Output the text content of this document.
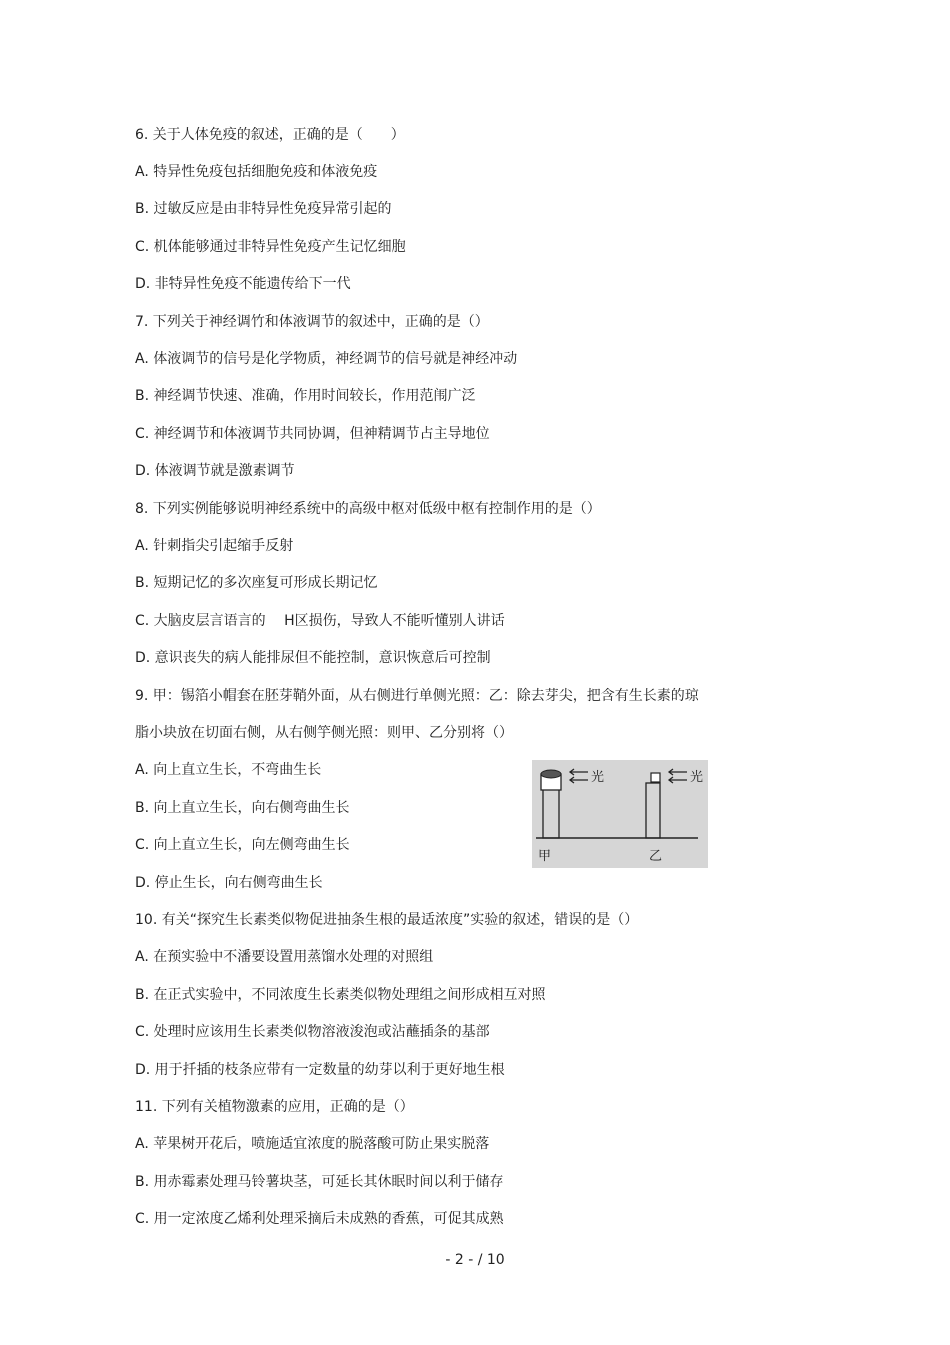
6. 关于人体免疫的叙述，正确的是（　　）
A. 特异性免疫包括细胞免疫和体液免疫
B. 过敏反应是由非特异性免疫异常引起的
C. 机体能够通过非特异性免疫产生记忆细胞
D. 非特异性免疫不能遗传给下一代
7. 下列关于神经调竹和体液调节的叙述中，正确的是（）
A. 体液调节的信号是化学物质，神经调节的信号就是神经冲动
B. 神经调节快速、准确，作用时间较长，作用范闱广泛
C. 神经调节和体液调节共同协调，但神精调节占主导地位
D. 体液调节就是激素调节
8. 下列实例能够说明神经系统中的高级中枢对低级中枢有控制作用的是（）
A. 针刺指尖引起缩手反射
B. 短期记忆的多次座复可形成长期记忆
C. 大脑皮层言语言的　 H区损伤，导致人不能听懂别人讲话
D. 意识丧失的病人能排尿但不能控制，意识恢意后可控制
9. 甲：锡箔小帽套在胚芽鞘外面，从右侧进行单侧光照：乙：除去芽尖，把含有生长素的琼
脂小块放在切面右侧，从右侧竽侧光照：则甲、乙分别将（）
A. 向上直立生长，不弯曲生长
B. 向上直立生长，向右侧弯曲生长
C. 向上直立生长，向左侧弯曲生长
D. 停止生长，向右侧弯曲生长
10. 有关“探究生长素类似物促进抽条生根的最适浓度”实验的叙述，错误的是（）
A. 在预实验中不潘要设置用蒸馏水处理的对照组
B. 在正式实验中，不同浓度生长素类似物处理组之间形成相互对照
C. 处理时应该用生长素类似物溶液浚泡或沾蘸插条的基部
D. 用于扦插的枝条应带有一定数量的幼芽以利于更好地生根
11. 下列有关植物激素的应用，正确的是（）
A. 苹果树开花后，喷施适宜浓度的脱落酸可防止果实脱落
B. 用赤霉素处理马铃薯块茎，可延长其休眠时间以利于储存
C. 用一定浓度乙烯利处理采摘后未成熟的香蕉，可促其成熟
光	光
甲	乙
- 2 - / 10
